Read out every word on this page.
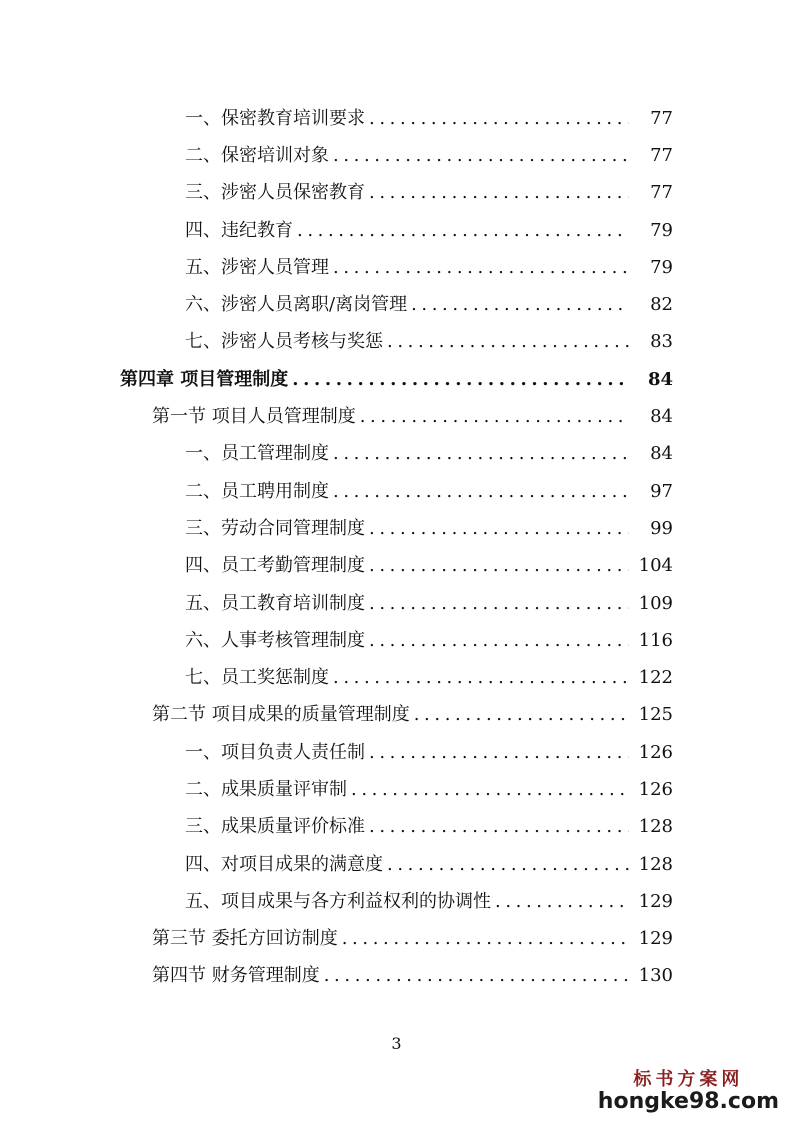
一、保密教育培训要求 .....	77
二、保密培训对象 .....	77
三、涉密人员保密教育 .....	77
四、违纪教育 .....	79
五、涉密人员管理 .....	79
六、涉密人员离职/离岗管理 .....	82
七、涉密人员考核与奖惩 .....	83
第四章 项目管理制度 .....	84
第一节 项目人员管理制度 .....	84
一、员工管理制度 .....	84
二、员工聘用制度 .....	97
三、劳动合同管理制度 .....	99
四、员工考勤管理制度 .....	104
五、员工教育培训制度 .....	109
六、人事考核管理制度 .....	116
七、员工奖惩制度 .....	122
第二节 项目成果的质量管理制度 .....	125
一、项目负责人责任制 .....	126
二、成果质量评审制 .....	126
三、成果质量评价标准 .....	128
四、对项目成果的满意度 .....	128
五、项目成果与各方利益权利的协调性 .....	129
第三节 委托方回访制度 .....	129
第四节 财务管理制度 .....	130
3
标书方案网
hongke98.com
